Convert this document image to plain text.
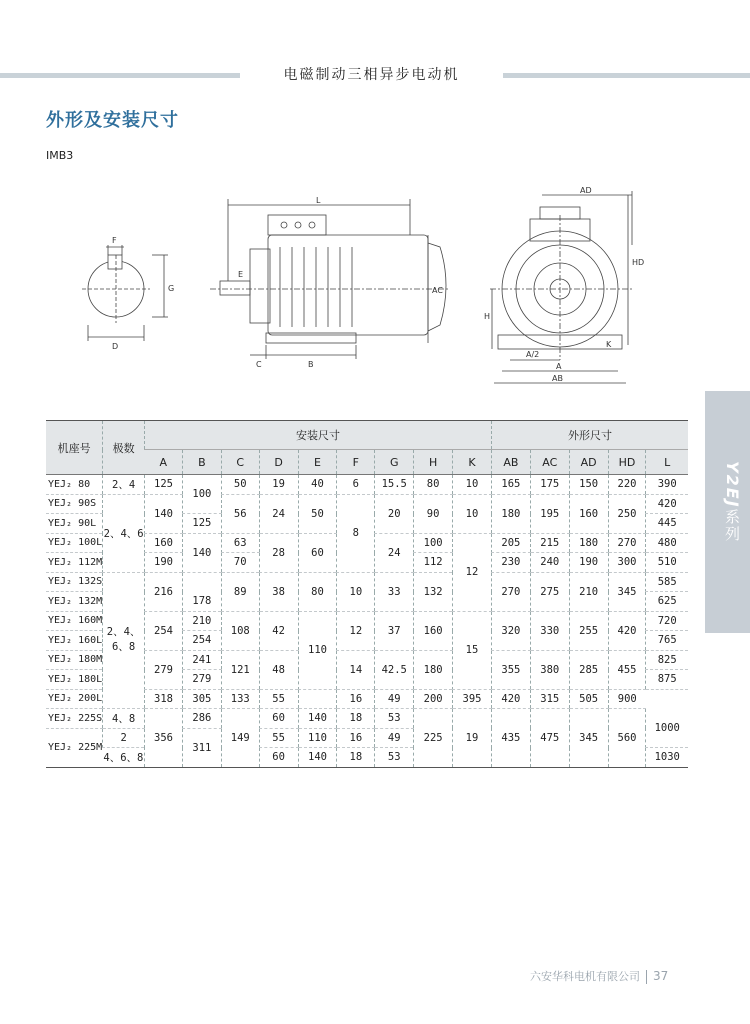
电磁制动三相异步电动机
外形及安装尺寸
IMB3
F
G
D
L
E
C	B
AC
AD
HD
H
K
A/2
A
AB
Y2EJ系列
机座号	极数	安装尺寸									外形尺寸				
		A	B	C	D	E	F	G	H	K	AB	AC	AD	HD	L
YEJ₂ 80	2、4	125	100	50	19	40	6	15.5	80	10	165	175	150	220	390
YEJ₂ 90S	2、4、6	140		56	24	50	8	20	90	10	180	195	160	250	420
YEJ₂ 90L			125												445
YEJ₂ 100L		160	140	63	28	60		24	100	12	205	215	180	270	480
YEJ₂ 112M		190		70					112		230	240	190	300	510
YEJ₂ 132S	2、4、
6、8	216		89	38	80	10	33	132		270	275	210	345	585
YEJ₂ 132M			178												625
YEJ₂ 160M		254	210	108	42	110	12	37	160	15	320	330	255	420	720
YEJ₂ 160L			254												765
YEJ₂ 180M		279	241	121	48		14	42.5	180		355	380	285	455	825
YEJ₂ 180L			279												875
YEJ₂ 200L		318	305	133	55		16	49	200	395	420	315	505	900	
YEJ₂ 225S	4、8	356	286	149	60	140	18	53	225	19	435	475	345	560	1000
YEJ₂ 225M	2		311		55	110	16	49							
	4、6、8				60	140	18	53							1030
六安华科电机有限公司 37
